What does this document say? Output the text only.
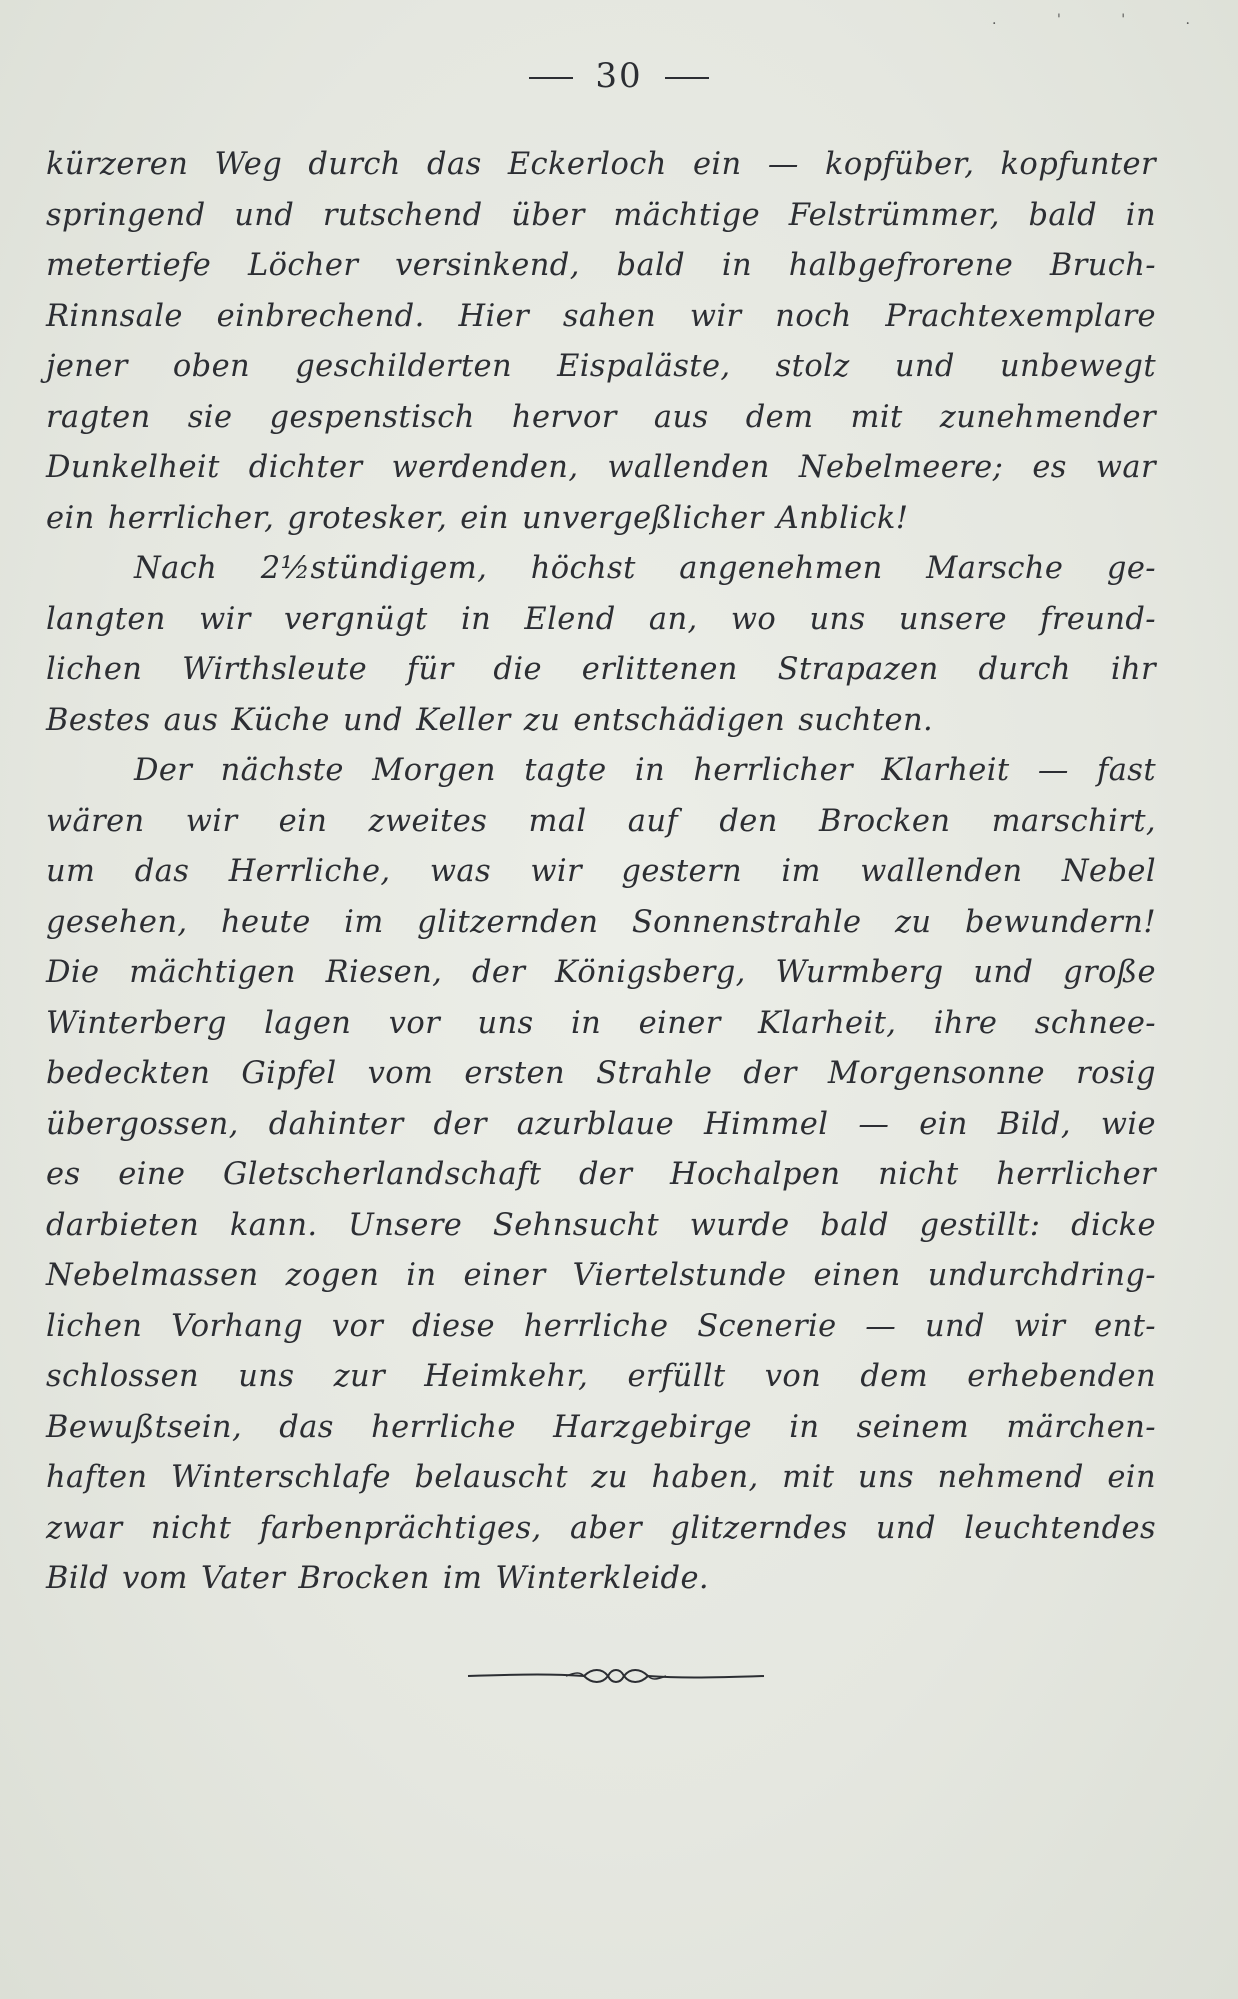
. ' ' .
30

kürzeren Weg durch das Eckerloch ein — kopfüber, kopfunter
springend und rutschend über mächtige Felstrümmer, bald in
metertiefe Löcher versinkend, bald in halbgefrorene Bruch-
Rinnsale einbrechend. Hier sahen wir noch Prachtexemplare
jener oben geschilderten Eispaläste, stolz und unbewegt
ragten sie gespenstisch hervor aus dem mit zunehmender
Dunkelheit dichter werdenden, wallenden Nebelmeere; es war
ein herrlicher, grotesker, ein unvergeßlicher Anblick!

Nach 2½stündigem, höchst angenehmen Marsche ge-
langten wir vergnügt in Elend an, wo uns unsere freund-
lichen Wirthsleute für die erlittenen Strapazen durch ihr
Bestes aus Küche und Keller zu entschädigen suchten.

Der nächste Morgen tagte in herrlicher Klarheit — fast
wären wir ein zweites mal auf den Brocken marschirt,
um das Herrliche, was wir gestern im wallenden Nebel
gesehen, heute im glitzernden Sonnenstrahle zu bewundern!
Die mächtigen Riesen, der Königsberg, Wurmberg und große
Winterberg lagen vor uns in einer Klarheit, ihre schnee-
bedeckten Gipfel vom ersten Strahle der Morgensonne rosig
übergossen, dahinter der azurblaue Himmel — ein Bild, wie
es eine Gletscherlandschaft der Hochalpen nicht herrlicher
darbieten kann. Unsere Sehnsucht wurde bald gestillt: dicke
Nebelmassen zogen in einer Viertelstunde einen undurchdring-
lichen Vorhang vor diese herrliche Scenerie — und wir ent-
schlossen uns zur Heimkehr, erfüllt von dem erhebenden
Bewußtsein, das herrliche Harzgebirge in seinem märchen-
haften Winterschlafe belauscht zu haben, mit uns nehmend ein
zwar nicht farbenprächtiges, aber glitzerndes und leuchtendes
Bild vom Vater Brocken im Winterkleide.
